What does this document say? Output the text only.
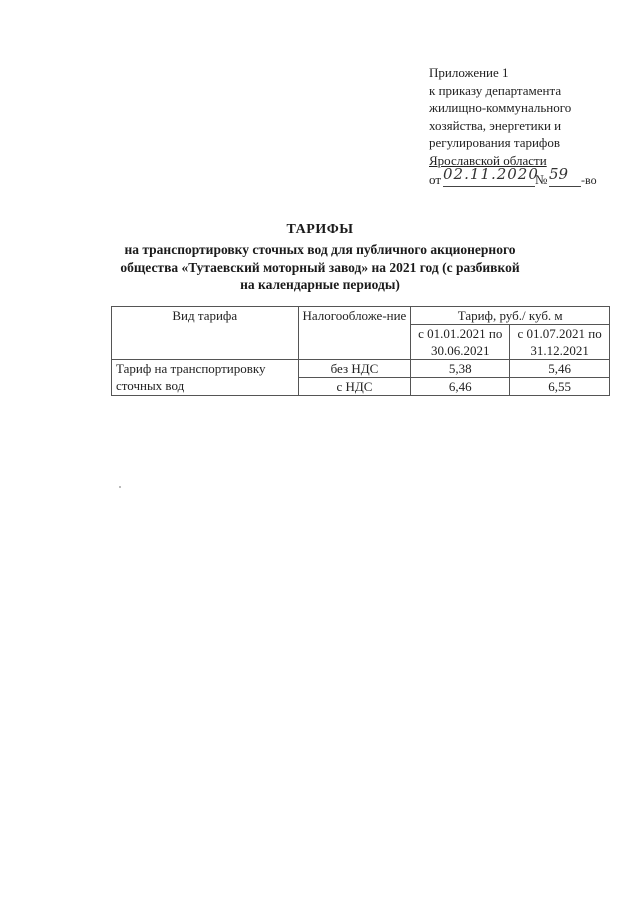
Приложение 1
к приказу департамента
жилищно-коммунального
хозяйства, энергетики и
регулирования тарифов
Ярославской области
от 02.11.2020
№ 59	-во
ТАРИФЫ
на транспортировку сточных вод для публичного акционерного
общества «Тутаевский моторный завод» на 2021 год (с разбивкой
на календарные периоды)
Вид тарифа	Налогообложе-ние	Тариф, руб./ куб. м	
		с 01.01.2021 по 30.06.2021	с 01.07.2021 по 31.12.2021
Тариф на транспортировку сточных вод	без НДС	5,38	5,46
	с НДС	6,46	6,55
